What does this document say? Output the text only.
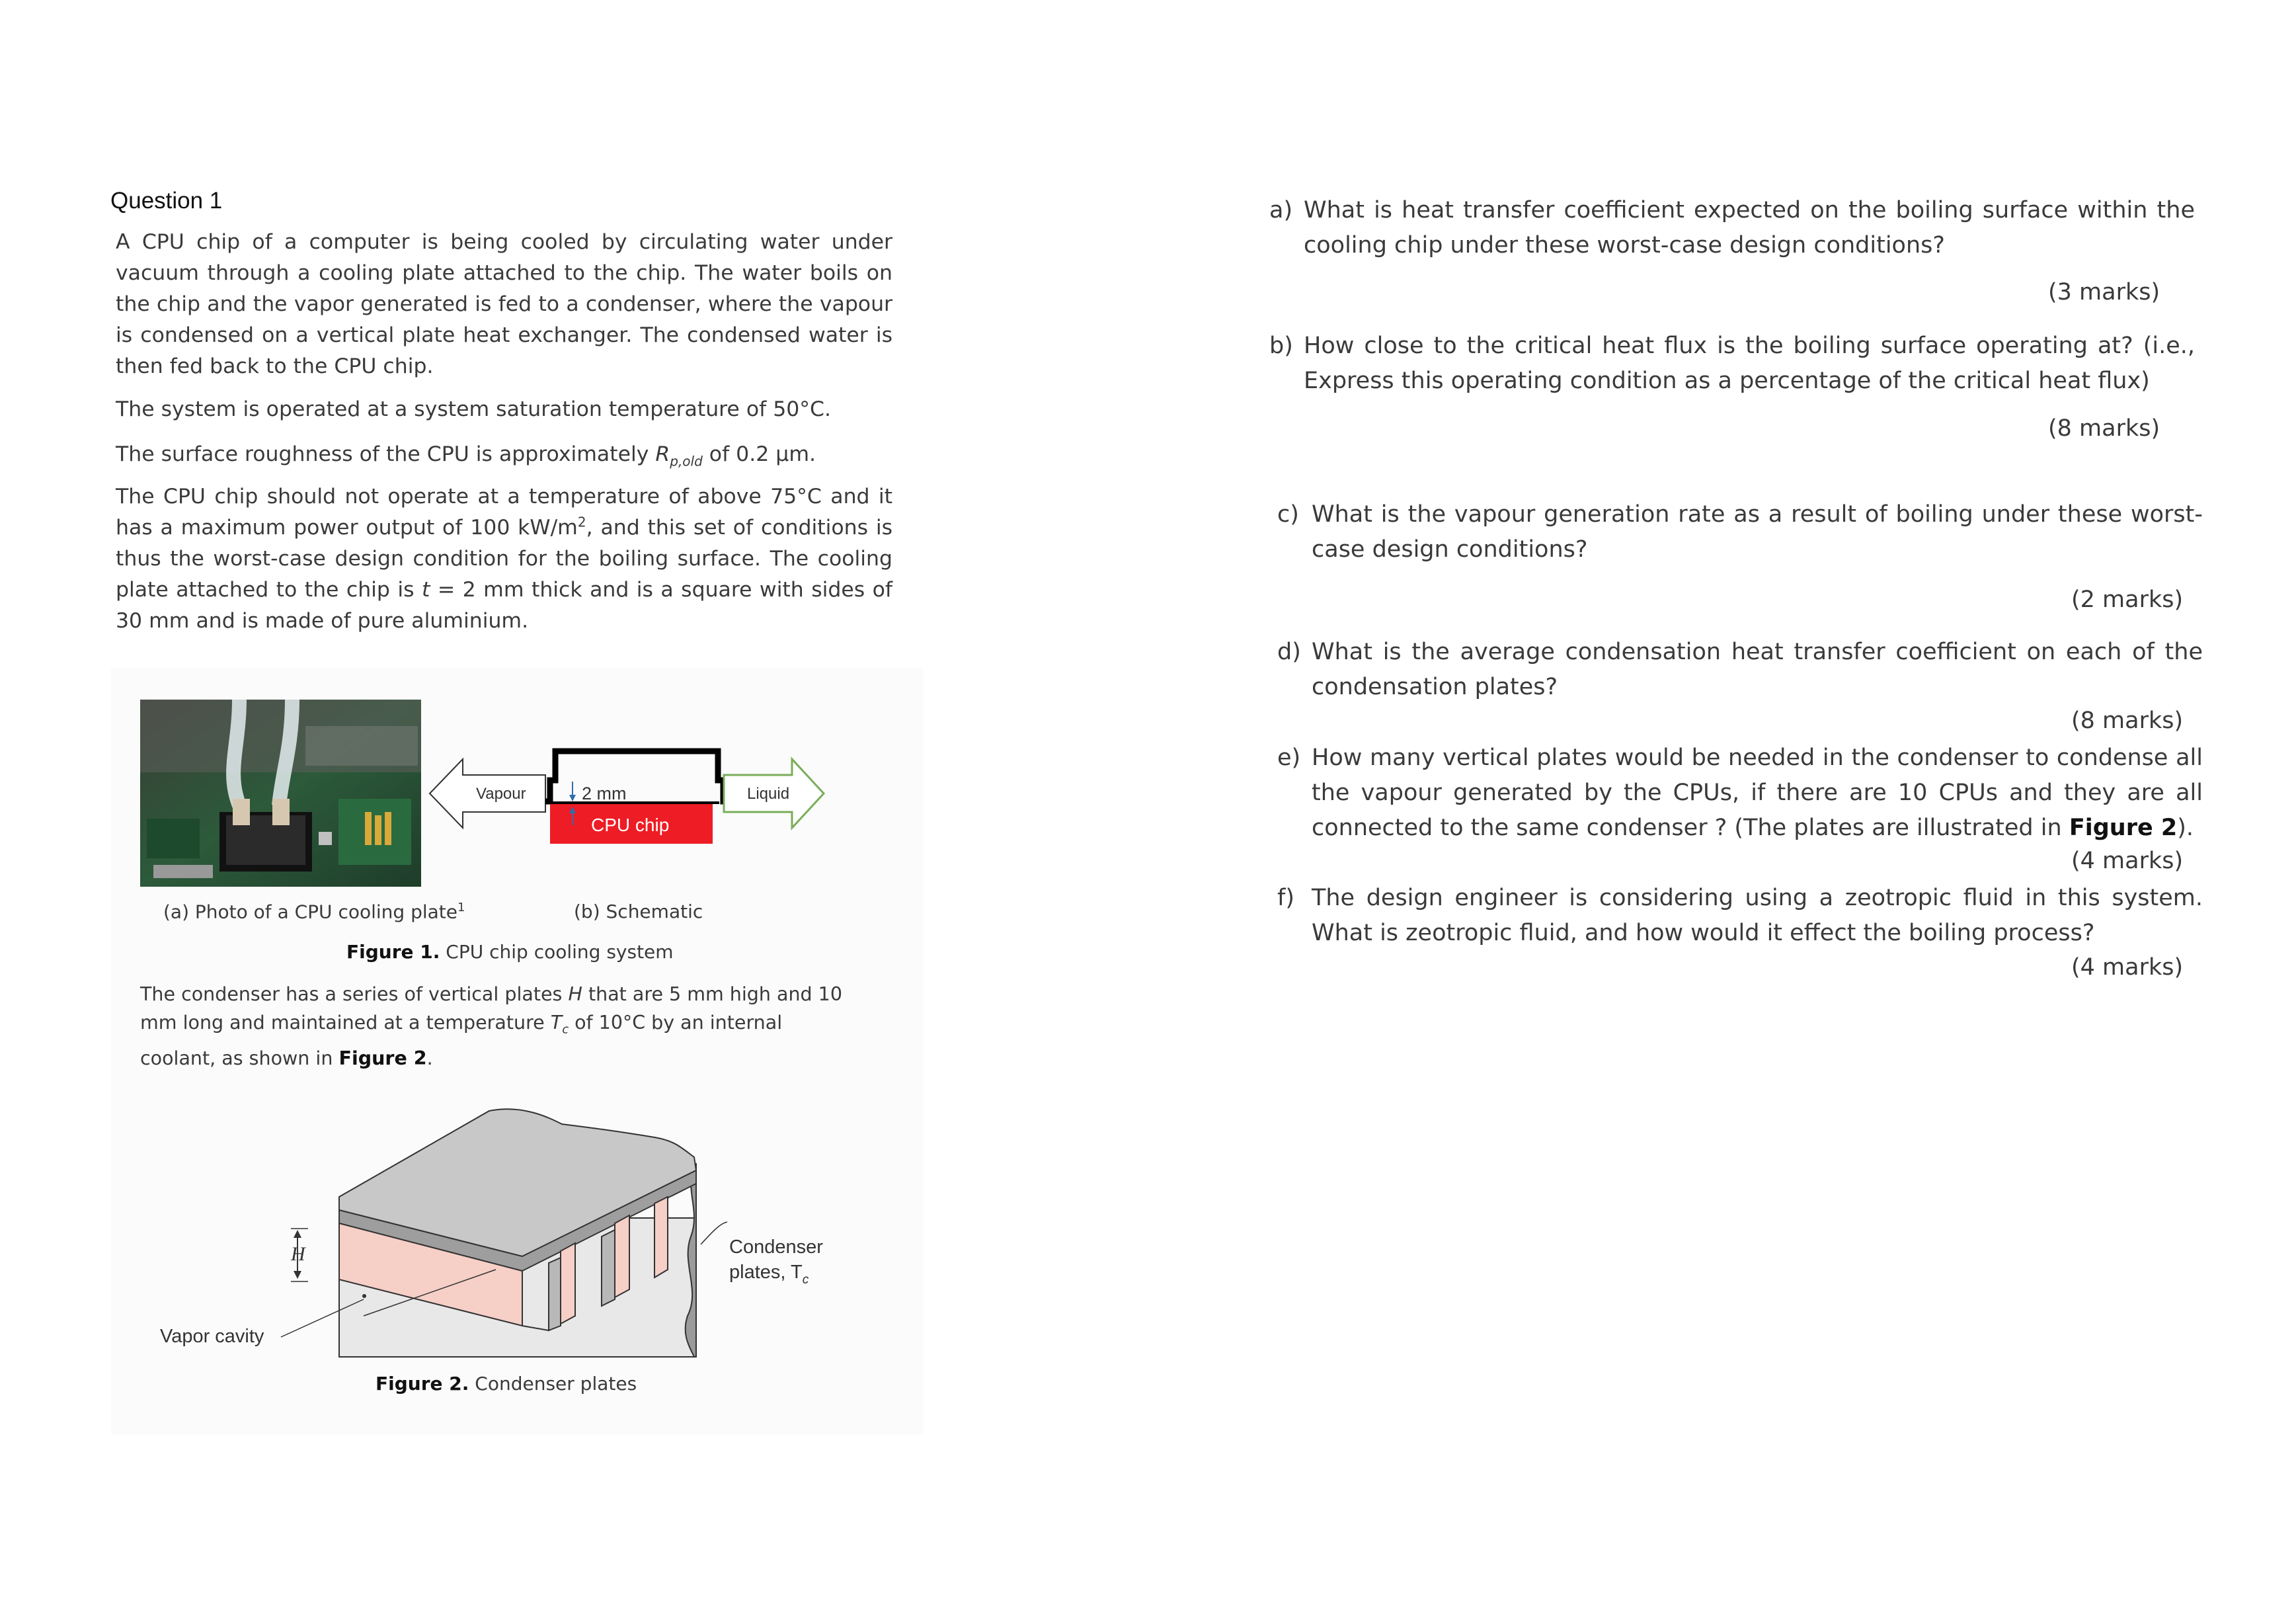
Question 1
A CPU chip of a computer is being cooled by circulating water under vacuum through a cooling plate attached to the chip. The water boils on the chip and the vapor generated is fed to a condenser, where the vapour is condensed on a vertical plate heat exchanger. The condensed water is then fed back to the CPU chip.
The system is operated at a system saturation temperature of 50°C.
The surface roughness of the CPU is approximately $R_{p,old}$ of 0.2 µm.
The CPU chip should not operate at a temperature of above 75°C and it has a maximum power output of 100 $kW/m^2$, and this set of conditions is thus the worst-case design condition for the boiling surface. The cooling plate attached to the chip is t = 2 mm thick and is a square with sides of 30 mm and is made of pure aluminium.
Vapour	Liquid
2 mm
CPU chip
(a) Photo of a CPU cooling plate$^1$	(b) Schematic
Figure 1. CPU chip cooling system
The condenser has a series of vertical plates H that are 5 mm high and 10 mm long and maintained at a temperature $T_c$ of 10°C by an internal coolant, as shown in Figure 2.
H
Vapor cavity
Condenser
plates, $T_c$
Figure 2. Condenser plates
a) What is heat transfer coefficient expected on the boiling surface within the cooling chip under these worst-case design conditions?
(3 marks)
b) How close to the critical heat flux is the boiling surface operating at? (i.e., Express this operating condition as a percentage of the critical heat flux)
(8 marks)
c) What is the vapour generation rate as a result of boiling under these worst-case design conditions?
(2 marks)
d) What is the average condensation heat transfer coefficient on each of the condensation plates?
(8 marks)
e) How many vertical plates would be needed in the condenser to condense all the vapour generated by the CPUs, if there are 10 CPUs and they are all connected to the same condenser ? (The plates are illustrated in Figure 2).
(4 marks)
f) The design engineer is considering using a zeotropic fluid in this system. What is zeotropic fluid, and how would it effect the boiling process?
(4 marks)
